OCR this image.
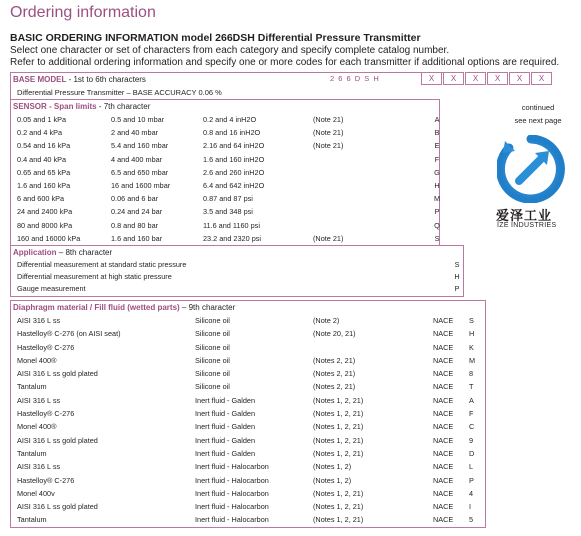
Ordering information
BASIC ORDERING INFORMATION model 266DSH Differential Pressure Transmitter
Select one character or set of characters from each category and specify complete catalog number.
Refer to additional ordering information and specify one or more codes for each transmitter if additional options are required.
BASE MODEL - 1st to 6th characters
Differential Pressure Transmitter – BASE ACCURACY 0.06 %
SENSOR - Span limits - 7th character
0.05 and 1 kPa	0.5 and 10 mbar	0.2 and 4 inH2O	(Note 21)	A
0.2 and 4 kPa	2 and 40 mbar	0.8 and 16 inH2O	(Note 21)	B
0.54 and 16 kPa	5.4 and 160 mbar	2.16 and 64 inH2O	(Note 21)	E
0.4 and 40 kPa	4 and 400 mbar	1.6 and 160 inH2O	F
0.65 and 65 kPa	6.5 and 650 mbar	2.6 and 260 inH2O	G
1.6 and 160 kPa	16 and 1600 mbar	6.4 and 642 inH2O	H
6 and 600 kPa	0.06 and 6 bar	0.87 and 87 psi	M
24 and 2400 kPa	0.24 and 24 bar	3.5 and 348 psi	P
80 and 8000 kPa	0.8 and 80 bar	11.6 and 1160 psi	Q
160 and 16000 kPa	1.6 and 160 bar	23.2 and 2320 psi	(Note 21)	S
Application – 8th character
Differential measurement at standard static pressure	S
Differential measurement at high static pressure	H
Gauge measurement	P
2 6 6 D S H	X	X	X	X	X	X
continued
see next page
爱泽工业
IZE INDUSTRIES
Diaphragm material / Fill fluid (wetted parts) – 9th character
AISI 316 L ss	Silicone oil	(Note 2)	NACE S
Hastelloy® C-276 (on AISI seat)	Silicone oil	(Note 20, 21)	NACE H
Hastelloy® C-276	Silicone oil	NACE K
Monel 400®	Silicone oil	(Notes 2, 21)	NACE M
AISI 316 L ss gold plated	Silicone oil	(Notes 2, 21)	NACE 8
Tantalum	Silicone oil	(Notes 2, 21)	NACE T
AISI 316 L ss	Inert fluid - Galden	(Notes 1, 2, 21)	NACE A
Hastelloy® C-276	Inert fluid - Galden	(Notes 1, 2, 21)	NACE F
Monel 400®	Inert fluid - Galden	(Notes 1, 2, 21)	NACE C
AISI 316 L ss gold plated	Inert fluid - Galden	(Notes 1, 2, 21)	NACE 9
Tantalum	Inert fluid - Galden	(Notes 1, 2, 21)	NACE D
AISI 316 L ss	Inert fluid - Halocarbon	(Notes 1, 2)	NACE L
Hastelloy® C-276	Inert fluid - Halocarbon	(Notes 1, 2)	NACE P
Monel 400v	Inert fluid - Halocarbon	(Notes 1, 2, 21)	NACE 4
AISI 316 L ss gold plated	Inert fluid - Halocarbon	(Notes 1, 2, 21)	NACE I
Tantalum	Inert fluid - Halocarbon	(Notes 1, 2, 21)	NACE 5
